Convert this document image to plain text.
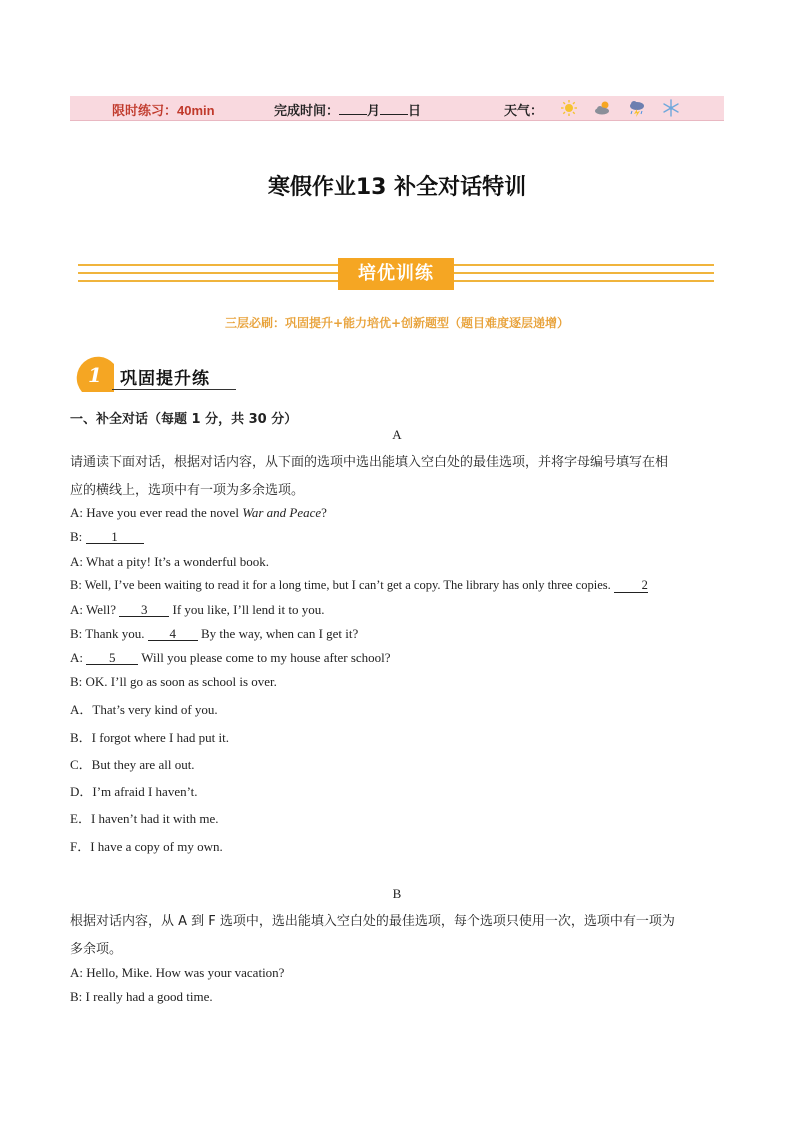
限时练习：40min	完成时间： 月 日	天气：
寒假作业13 补全对话特训
培优训练
三层必刷：巩固提升+能力培优+创新题型（题目难度逐层递增）
1 巩固提升练
一、补全对话（每题 1 分，共 30 分）
A
请通读下面对话，根据对话内容，从下面的选项中选出能填入空白处的最佳选项，并将字母编号填写在相
应的横线上，选项中有一项为多余选项。
A: Have you ever read the novel War and Peace?
B: 1
A: What a pity! It’s a wonderful book.
B: Well, I’ve been waiting to read it for a long time, but I can’t get a copy. The library has only three copies. 2
A: Well? 3 If you like, I’ll lend it to you.
B: Thank you. 4 By the way, when can I get it?
A: 5 Will you please come to my house after school?
B: OK. I’ll go as soon as school is over.
A．That’s very kind of you.
B．I forgot where I had put it.
C．But they are all out.
D．I’m afraid I haven’t.
E．I haven’t had it with me.
F．I have a copy of my own.
B
根据对话内容，从 A 到 F 选项中，选出能填入空白处的最佳选项，每个选项只使用一次，选项中有一项为
多余项。
A: Hello, Mike. How was your vacation?
B: I really had a good time.
